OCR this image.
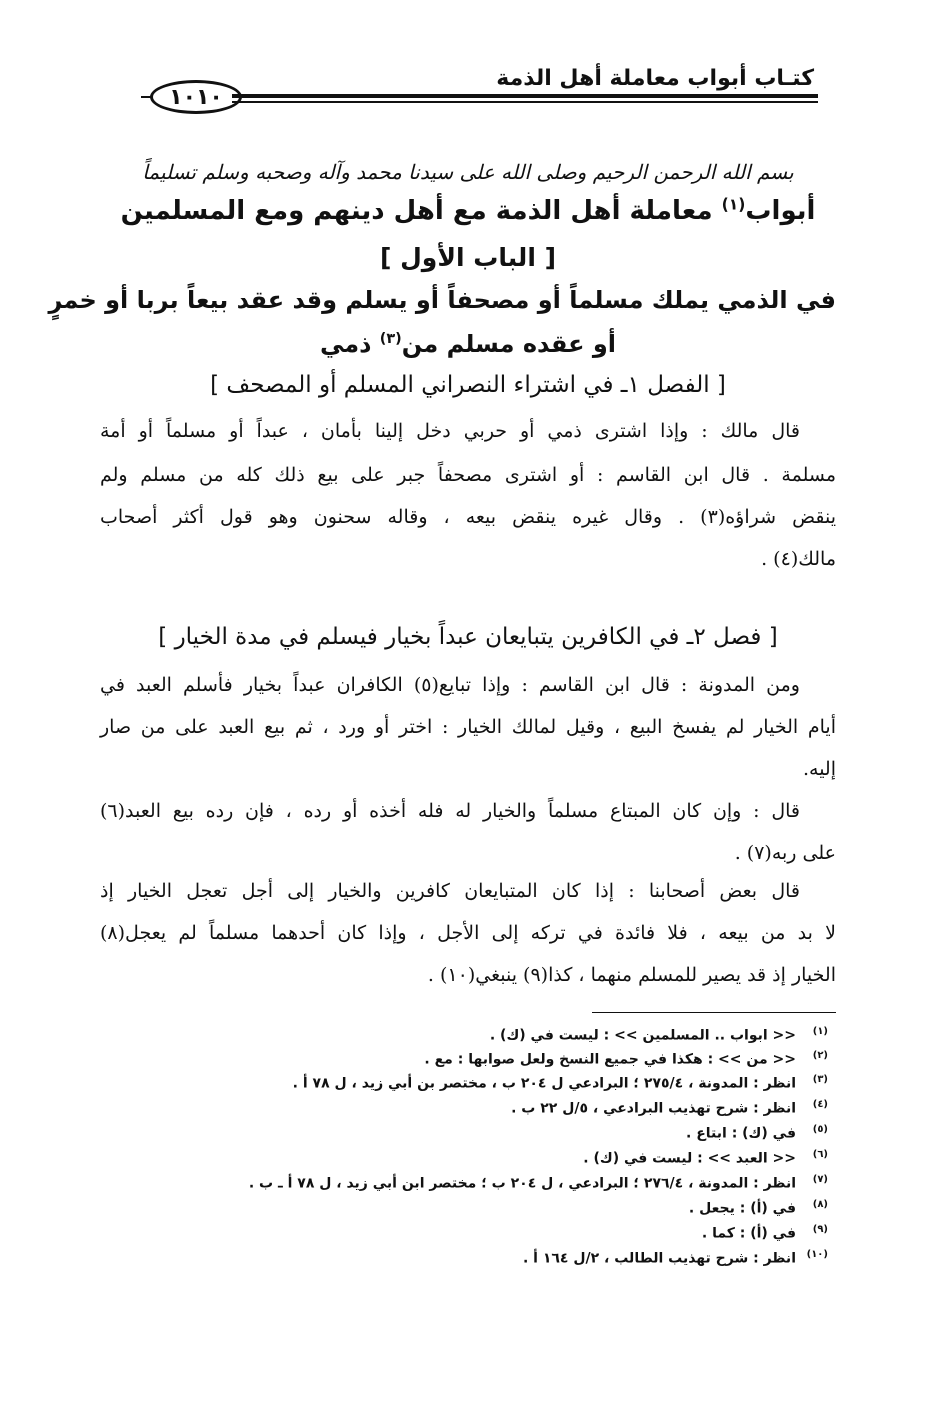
كتـاب أبواب معاملة أهل الذمة
١٠١٠
بسم الله الرحمن الرحيم وصلى الله على سيدنا محمد وآله وصحبه وسلم تسليماً
أبواب$^{(١)}$ معاملة أهل الذمة مع أهل دينهم ومع المسلمين
[ الباب الأول ]
في الذمي يملك مسلماً أو مصحفاً أو يسلم وقد عقد بيعاً بربا أو خمرٍ
أو عقده مسلم من$^{(٣)}$ ذمي
[ الفصل ١ـ في اشتراء النصراني المسلم أو المصحف ]
قال مالك : وإذا اشترى ذمي أو حربي دخل إلينا بأمان ، عبداً أو مسلماً أو أمة
مسلمة . قال ابن القاسم : أو اشترى مصحفاً جبر على بيع ذلك كله من مسلم ولم
ينقض شراؤه(٣) . وقال غيره ينقض بيعه ، وقاله سحنون وهو قول أكثر أصحاب
مالك(٤) .
[ فصل ٢ـ في الكافرين يتبايعان عبداً بخيار فيسلم في مدة الخيار ]
ومن المدونة : قال ابن القاسم : وإذا تبايع(٥) الكافران عبداً بخيار فأسلم العبد في
أيام الخيار لم يفسخ البيع ، وقيل لمالك الخيار : اختر أو ورد ، ثم بيع العبد على من صار
إليه.
قال : وإن كان المبتاع مسلماً والخيار له فله أخذه أو رده ، فإن رده بيع العبد(٦)
على ربه(٧) .
قال بعض أصحابنا : إذا كان المتبايعان كافرين والخيار إلى أجل تعجل الخيار إذ
لا بد من بيعه ، فلا فائدة في تركه إلى الأجل ، وإذا كان أحدهما مسلماً لم يعجل(٨)
الخيار إذ قد يصير للمسلم منهما ، كذا(٩) ينبغي(١٠) .
(١)<< ابواب .. المسلمين >> : ليست في (ك) .
(٢)<< من >> : هكذا في جميع النسخ ولعل صوابها : مع .
(٣)انظر : المدونة ، ٢٧٥/٤ ؛ البرادعي ل ٢٠٤ ب ، مختصر بن أبي زيد ، ل ٧٨ أ .
(٤)انظر : شرح تهذيب البرادعي ، ٥/ل ٢٢ ب .
(٥)في (ك) : ابتاع .
(٦)<< العبد >> : ليست في (ك) .
(٧)انظر : المدونة ، ٢٧٦/٤ ؛ البرادعي ، ل ٢٠٤ ب ؛ مختصر ابن أبي زيد ، ل ٧٨ أ ـ ب .
(٨)في (أ) : يجعل .
(٩)في (أ) : كما .
(١٠)انظر : شرح تهذيب الطالب ، ٢/ل ١٦٤ أ .
